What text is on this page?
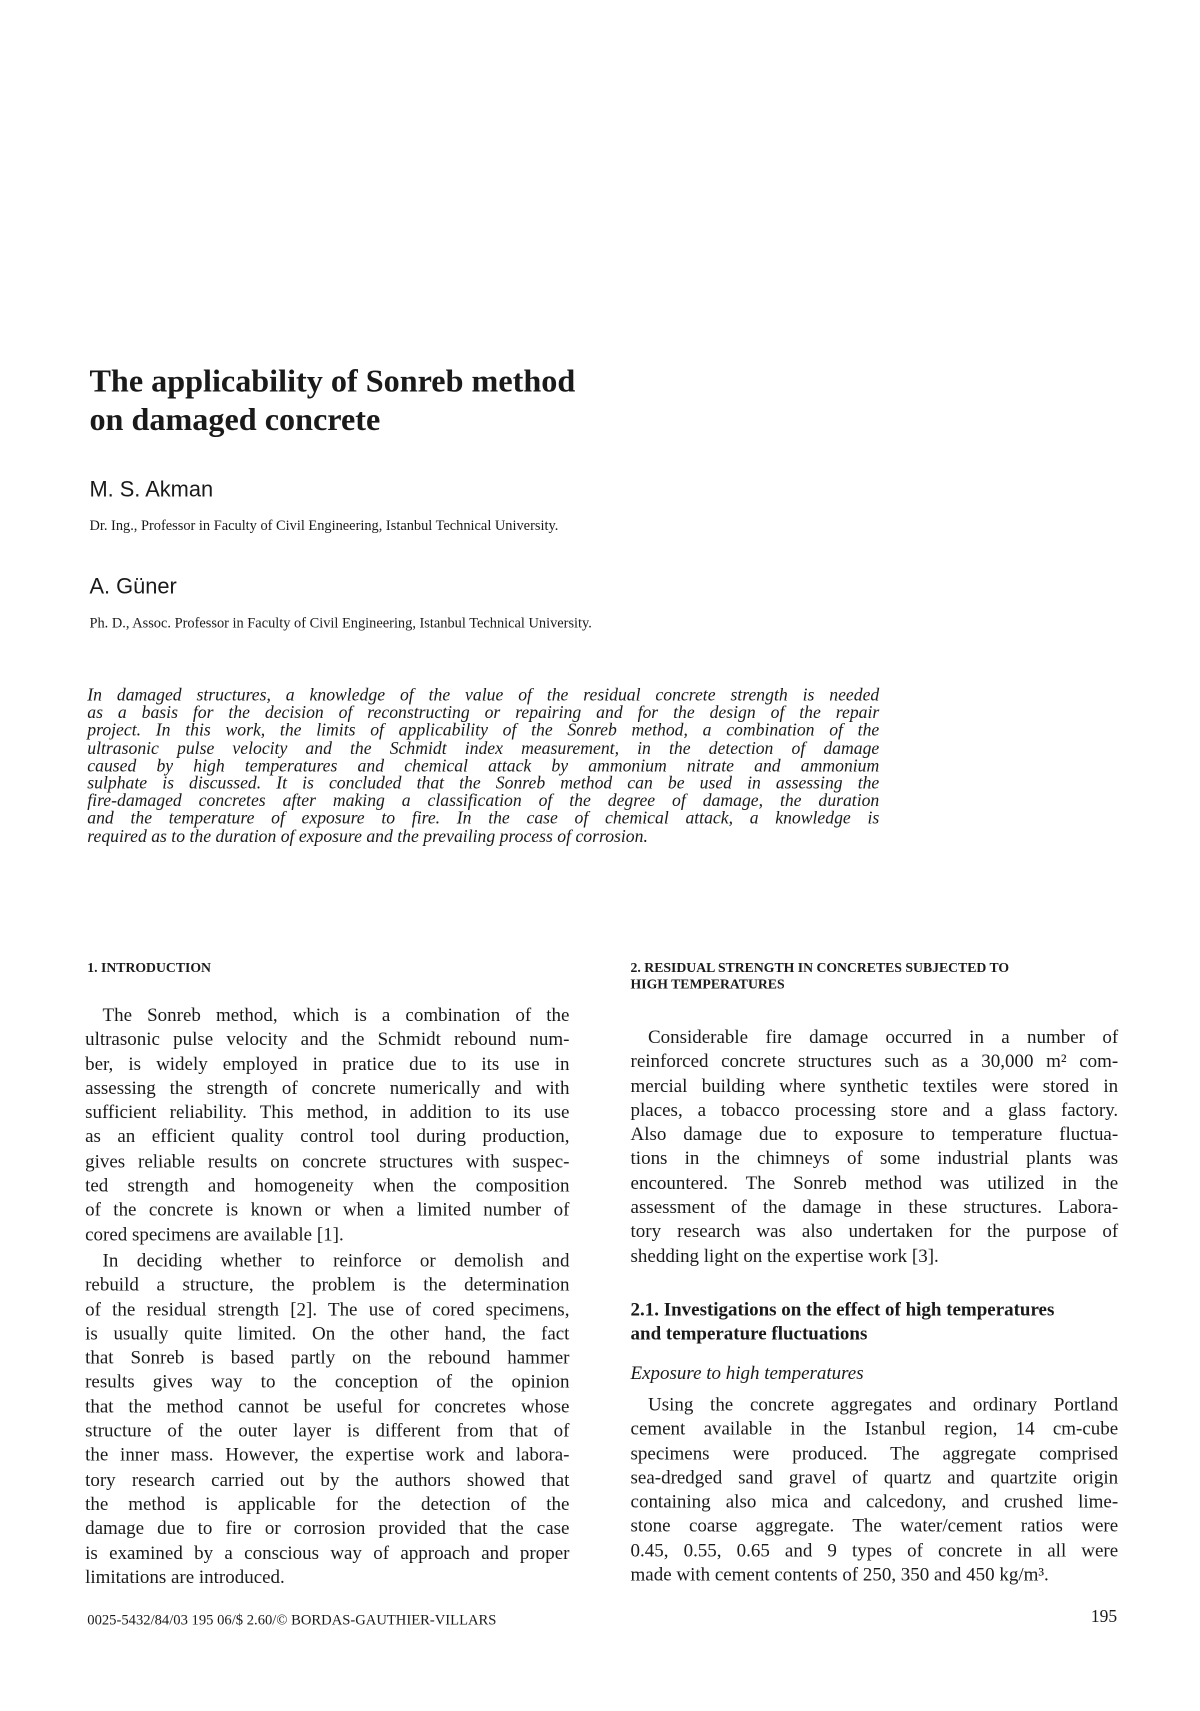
The applicability of Sonreb method
on damaged concrete
M. S. Akman
Dr. Ing., Professor in Faculty of Civil Engineering, Istanbul Technical University.
A. Güner
Ph. D., Assoc. Professor in Faculty of Civil Engineering, Istanbul Technical University.
In damaged structures, a knowledge of the value of the residual concrete strength is needed
as a basis for the decision of reconstructing or repairing and for the design of the repair
project. In this work, the limits of applicability of the Sonreb method, a combination of the
ultrasonic pulse velocity and the Schmidt index measurement, in the detection of damage
caused by high temperatures and chemical attack by ammonium nitrate and ammonium
sulphate is discussed. It is concluded that the Sonreb method can be used in assessing the
fire-damaged concretes after making a classification of the degree of damage, the duration
and the temperature of exposure to fire. In the case of chemical attack, a knowledge is
required as to the duration of exposure and the prevailing process of corrosion.
1. INTRODUCTION
The Sonreb method, which is a combination of the
ultrasonic pulse velocity and the Schmidt rebound num-
ber, is widely employed in pratice due to its use in
assessing the strength of concrete numerically and with
sufficient reliability. This method, in addition to its use
as an efficient quality control tool during production,
gives reliable results on concrete structures with suspec-
ted strength and homogeneity when the composition
of the concrete is known or when a limited number of
cored specimens are available [1].
In deciding whether to reinforce or demolish and
rebuild a structure, the problem is the determination
of the residual strength [2]. The use of cored specimens,
is usually quite limited. On the other hand, the fact
that Sonreb is based partly on the rebound hammer
results gives way to the conception of the opinion
that the method cannot be useful for concretes whose
structure of the outer layer is different from that of
the inner mass. However, the expertise work and labora-
tory research carried out by the authors showed that
the method is applicable for the detection of the
damage due to fire or corrosion provided that the case
is examined by a conscious way of approach and proper
limitations are introduced.
2. RESIDUAL STRENGTH IN CONCRETES SUBJECTED TO
HIGH TEMPERATURES
Considerable fire damage occurred in a number of
reinforced concrete structures such as a 30,000 m² com-
mercial building where synthetic textiles were stored in
places, a tobacco processing store and a glass factory.
Also damage due to exposure to temperature fluctua-
tions in the chimneys of some industrial plants was
encountered. The Sonreb method was utilized in the
assessment of the damage in these structures. Labora-
tory research was also undertaken for the purpose of
shedding light on the expertise work [3].
2.1. Investigations on the effect of high temperatures
and temperature fluctuations
Exposure to high temperatures
Using the concrete aggregates and ordinary Portland
cement available in the Istanbul region, 14 cm-cube
specimens were produced. The aggregate comprised
sea-dredged sand gravel of quartz and quartzite origin
containing also mica and calcedony, and crushed lime-
stone coarse aggregate. The water/cement ratios were
0.45, 0.55, 0.65 and 9 types of concrete in all were
made with cement contents of 250, 350 and 450 kg/m³.
0025-5432/84/03 195 06/$ 2.60/© BORDAS-GAUTHIER-VILLARS	195
